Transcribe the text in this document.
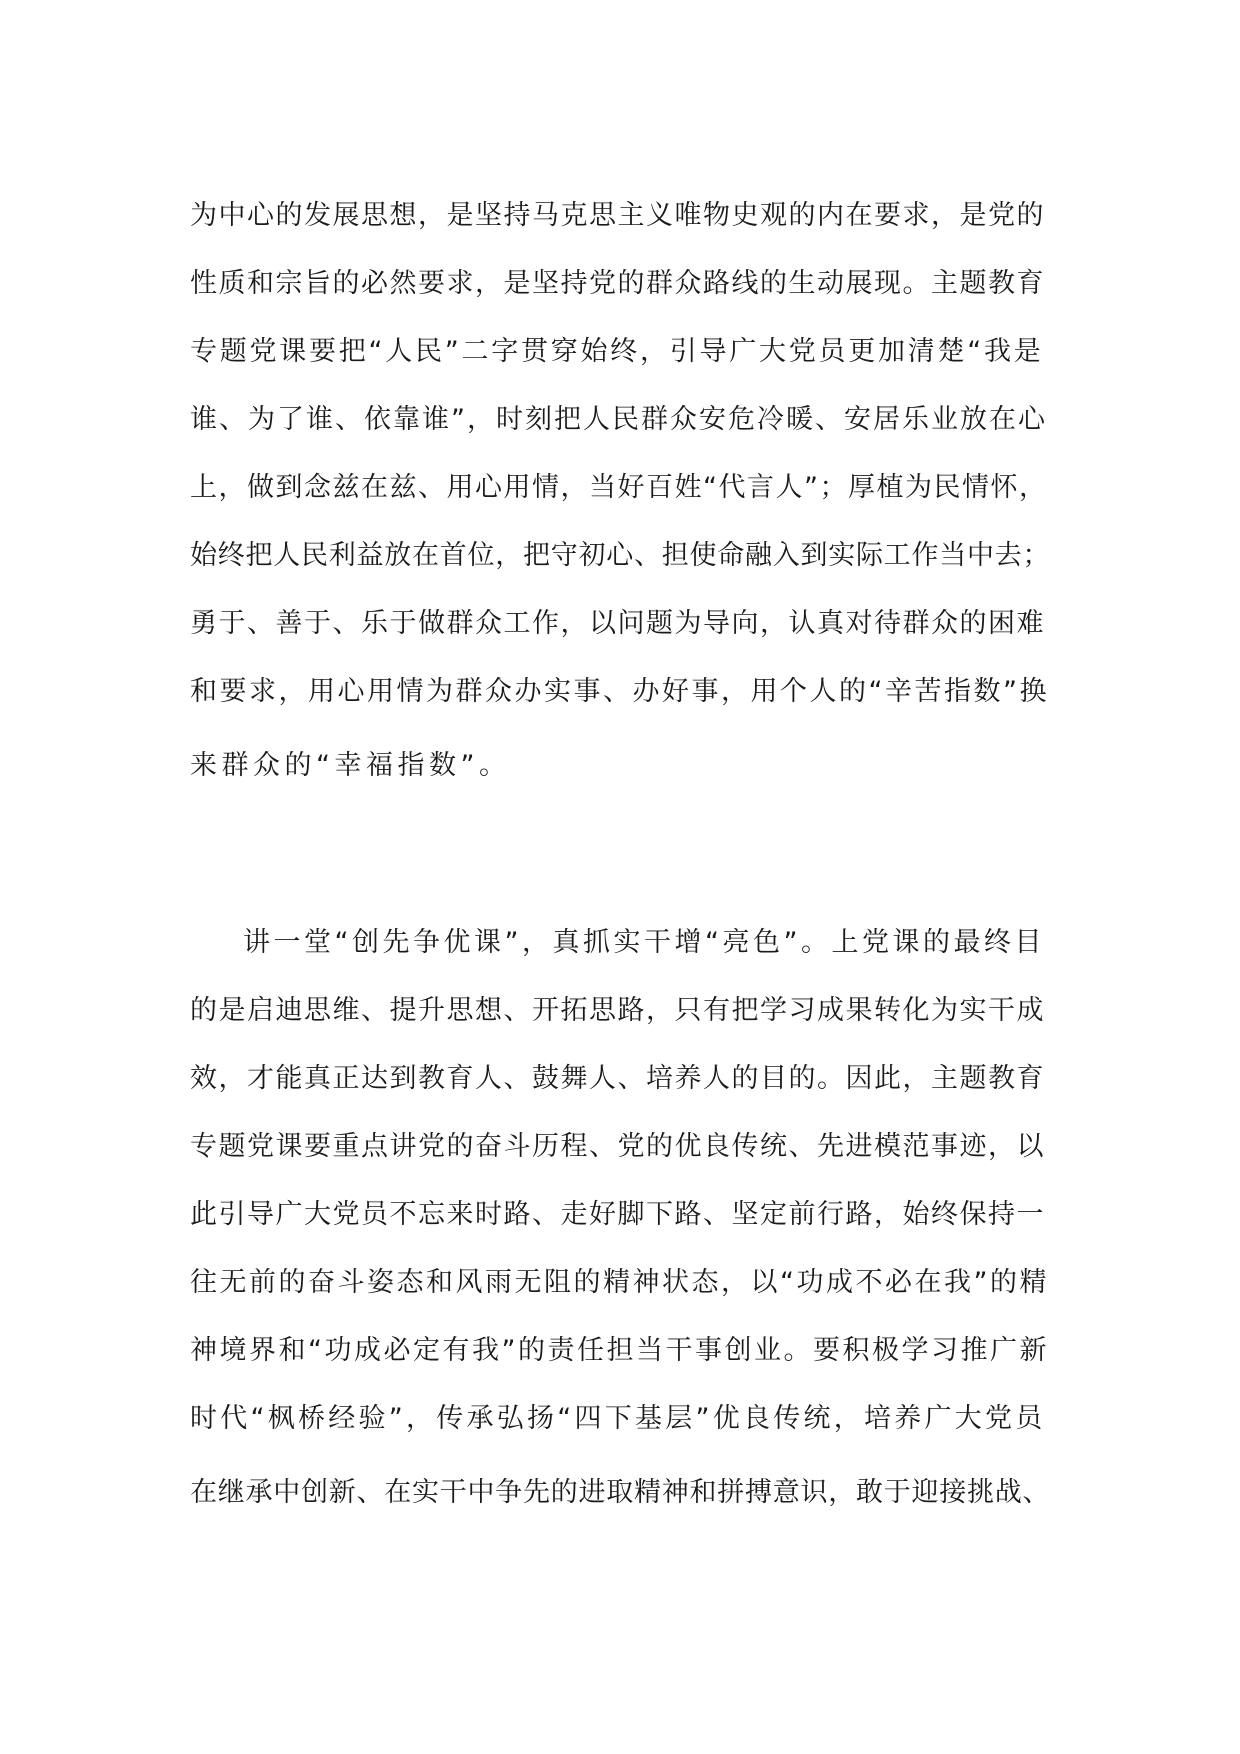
为中心的发展思想，是坚持马克思主义唯物史观的内在要求，是党的
性质和宗旨的必然要求，是坚持党的群众路线的生动展现。主题教育
专题党课要把“人民”二字贯穿始终，引导广大党员更加清楚“我是
谁、为了谁、依靠谁”，时刻把人民群众安危冷暖、安居乐业放在心
上，做到念兹在兹、用心用情，当好百姓“代言人”；厚植为民情怀，
始终把人民利益放在首位，把守初心、担使命融入到实际工作当中去；
勇于、善于、乐于做群众工作，以问题为导向，认真对待群众的困难
和要求，用心用情为群众办实事、办好事，用个人的“辛苦指数”换
来群众的“幸福指数”。
讲一堂“创先争优课”，真抓实干增“亮色”。上党课的最终目
的是启迪思维、提升思想、开拓思路，只有把学习成果转化为实干成
效，才能真正达到教育人、鼓舞人、培养人的目的。因此，主题教育
专题党课要重点讲党的奋斗历程、党的优良传统、先进模范事迹，以
此引导广大党员不忘来时路、走好脚下路、坚定前行路，始终保持一
往无前的奋斗姿态和风雨无阻的精神状态，以“功成不必在我”的精
神境界和“功成必定有我”的责任担当干事创业。要积极学习推广新
时代“枫桥经验”，传承弘扬“四下基层”优良传统，培养广大党员
在继承中创新、在实干中争先的进取精神和拼搏意识，敢于迎接挑战、
